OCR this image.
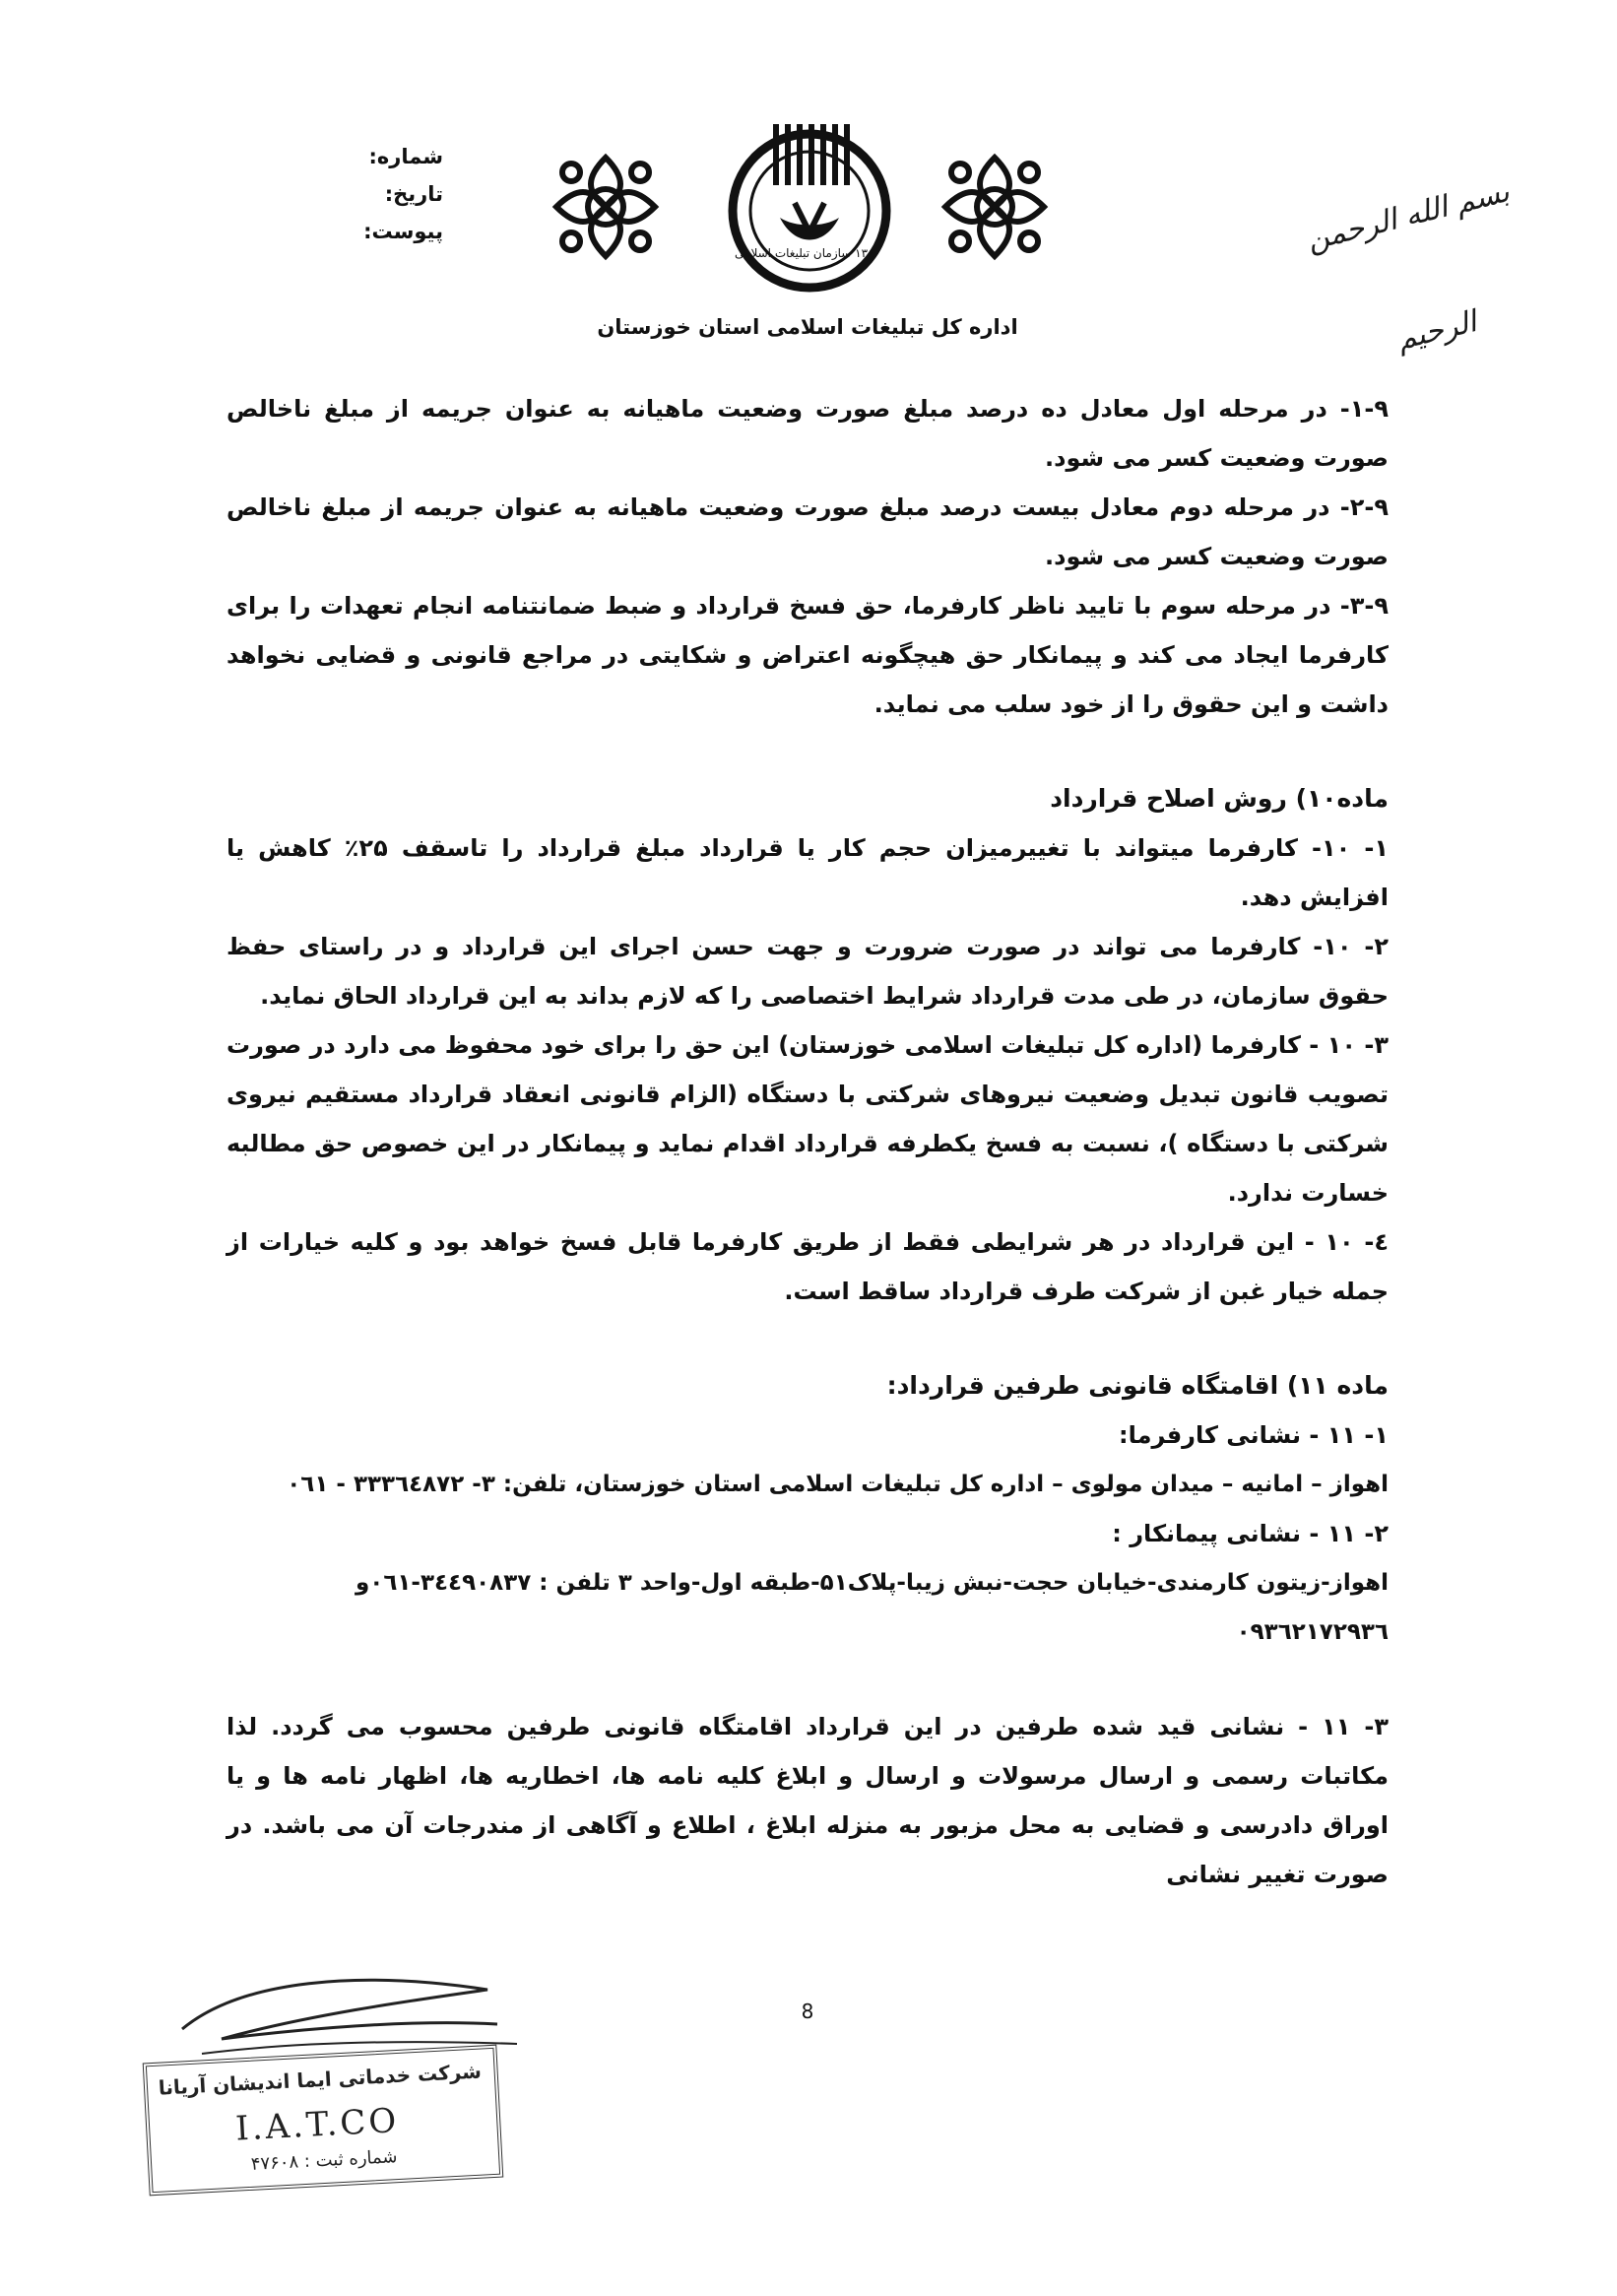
بسم الله الرحمن الرحیم
۱۳۶۰ سازمان تبلیغات اسلامی
شماره:
تاریخ:
پیوست:
اداره کل تبلیغات اسلامی استان خوزستان

۱-۹- در مرحله اول معادل ده درصد مبلغ صورت وضعیت ماهیانه به عنوان جریمه از مبلغ ناخالص صورت وضعیت کسر می شود.

۲-۹- در مرحله دوم معادل بیست درصد مبلغ صورت وضعیت ماهیانه به عنوان جریمه از مبلغ ناخالص صورت وضعیت کسر می شود.

۳-۹- در مرحله سوم با تایید ناظر کارفرما، حق فسخ قرارداد و ضبط ضمانتنامه انجام تعهدات را برای کارفرما ایجاد می کند و پیمانکار حق هیچگونه اعتراض و شکایتی در مراجع قانونی و قضایی نخواهد داشت و این حقوق را از خود سلب می نماید.

ماده۱۰) روش اصلاح قرارداد

۱- ۱۰- کارفرما میتواند با تغییرمیزان حجم کار یا قرارداد مبلغ قرارداد را تاسقف ۲۵٪ کاهش یا افزایش دهد.

۲- ۱۰- کارفرما می تواند در صورت ضرورت و جهت حسن اجرای این قرارداد و در راستای حفظ حقوق سازمان، در طی مدت قرارداد شرایط اختصاصی را که لازم بداند به این قرارداد الحاق نماید.

۳- ۱۰ - کارفرما (اداره کل تبلیغات اسلامی خوزستان) این حق را برای خود محفوظ می دارد در صورت تصویب قانون تبدیل وضعیت نیروهای شرکتی با دستگاه (الزام قانونی انعقاد قرارداد مستقیم نیروی شرکتی با دستگاه )، نسبت به فسخ یکطرفه قرارداد اقدام نماید و پیمانکار در این خصوص حق مطالبه خسارت ندارد.

٤- ۱۰ - این قرارداد در هر شرایطی فقط از طریق کارفرما قابل فسخ خواهد بود و کلیه خیارات از جمله خیار غبن از شرکت طرف قرارداد ساقط است.

ماده ۱۱) اقامتگاه قانونی طرفین قرارداد:

۱- ۱۱ - نشانی کارفرما:

اهواز – امانیه – میدان مولوی – اداره کل تبلیغات اسلامی استان خوزستان، تلفن: ۳- ۳۳۳٦٤۸۷۲ - ۰٦۱

۲- ۱۱ - نشانی پیمانکار :

اهواز-زیتون کارمندی-خیابان حجت-نبش زیبا-پلاک۵۱-طبقه اول-واحد ۳ تلفن : ۳٤٤۹۰۸۳۷-۰٦۱و

۰۹۳٦۲۱۷۲۹۳٦

۳- ۱۱ - نشانی قید شده طرفین در این قرارداد اقامتگاه قانونی طرفین محسوب می گردد. لذا مکاتبات رسمی و ارسال مرسولات و ارسال و ابلاغ کلیه نامه ها، اخطاریه ها، اظهار نامه ها و یا اوراق دادرسی و قضایی به محل مزبور به منزله ابلاغ ، اطلاع و آگاهی از مندرجات آن می باشد. در صورت تغییر نشانی

8
شرکت خدماتی ایما اندیشان آریانا
I.A.T.CO
شماره ثبت : ۴۷۶۰۸
